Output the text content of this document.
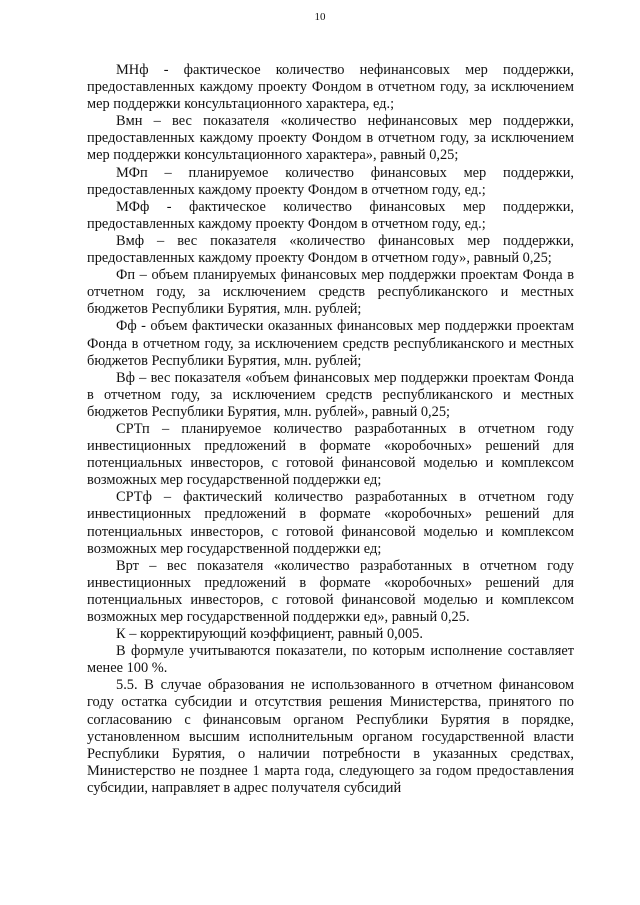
10

МНф - фактическое количество нефинансовых мер поддержки, предоставленных каждому проекту Фондом в отчетном году, за исключением мер поддержки консультационного характера, ед.;

Вмн – вес показателя «количество нефинансовых мер поддержки, предоставленных каждому проекту Фондом в отчетном году, за исключением мер поддержки консультационного характера», равный 0,25;

МФп – планируемое количество финансовых мер поддержки, предоставленных каждому проекту Фондом в отчетном году, ед.;

МФф - фактическое количество финансовых мер поддержки, предоставленных каждому проекту Фондом в отчетном году, ед.;

Вмф – вес показателя «количество финансовых мер поддержки, предоставленных каждому проекту Фондом в отчетном году», равный 0,25;

Фп – объем планируемых финансовых мер поддержки проектам Фонда в отчетном году, за исключением средств республиканского и местных бюджетов Республики Бурятия, млн. рублей;

Фф - объем фактически оказанных финансовых мер поддержки проектам Фонда в отчетном году, за исключением средств республиканского и местных бюджетов Республики Бурятия, млн. рублей;

Вф – вес показателя «объем финансовых мер поддержки проектам Фонда в отчетном году, за исключением средств республиканского и местных бюджетов Республики Бурятия, млн. рублей», равный 0,25;

СРТп – планируемое количество разработанных в отчетном году инвестиционных предложений в формате «коробочных» решений для потенциальных инвесторов, с готовой финансовой моделью и комплексом возможных мер государственной поддержки ед;

СРТф – фактический количество разработанных в отчетном году инвестиционных предложений в формате «коробочных» решений для потенциальных инвесторов, с готовой финансовой моделью и комплексом возможных мер государственной поддержки ед;

Врт – вес показателя «количество разработанных в отчетном году инвестиционных предложений в формате «коробочных» решений для потенциальных инвесторов, с готовой финансовой моделью и комплексом возможных мер государственной поддержки ед», равный 0,25.

К – корректирующий коэффициент, равный 0,005.

В формуле учитываются показатели, по которым исполнение составляет менее 100 %.

5.5. В случае образования не использованного в отчетном финансовом году остатка субсидии и отсутствия решения Министерства, принятого по согласованию с финансовым органом Республики Бурятия в порядке, установленном высшим исполнительным органом государственной власти Республики Бурятия, о наличии потребности в указанных средствах, Министерство не позднее 1 марта года, следующего за годом предоставления субсидии, направляет в адрес получателя субсидий
